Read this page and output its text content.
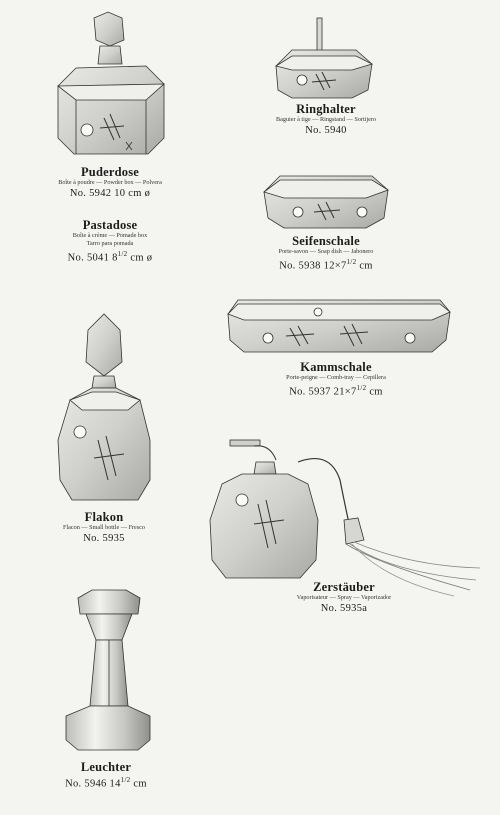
Puderdose
Boîte à poudre — Powder box — Polvera
No. 5942 10 cm ø
Pastadose
Boîte à crème — Pomade box
Tarro para pomada
No. 5041 $8^{1/2}$ cm ø
Ringhalter
Baguier à tige — Ringstand — Sortijero
No. 5940
Seifenschale
Porte-savon — Soap dish — Jabonero
No. 5938 $12\times 7^{1/2}$ cm
Kammschale
Porte-peigne — Comb-tray — Cepillera
No. 5937 $21\times 7^{1/2}$ cm
Flakon
Flacon — Small bottle — Fresco
No. 5935
Zerstäuber
Vaporisateur — Spray — Vaporizador
No. 5935a
Leuchter
No. 5946 $14^{1/2}$ cm
